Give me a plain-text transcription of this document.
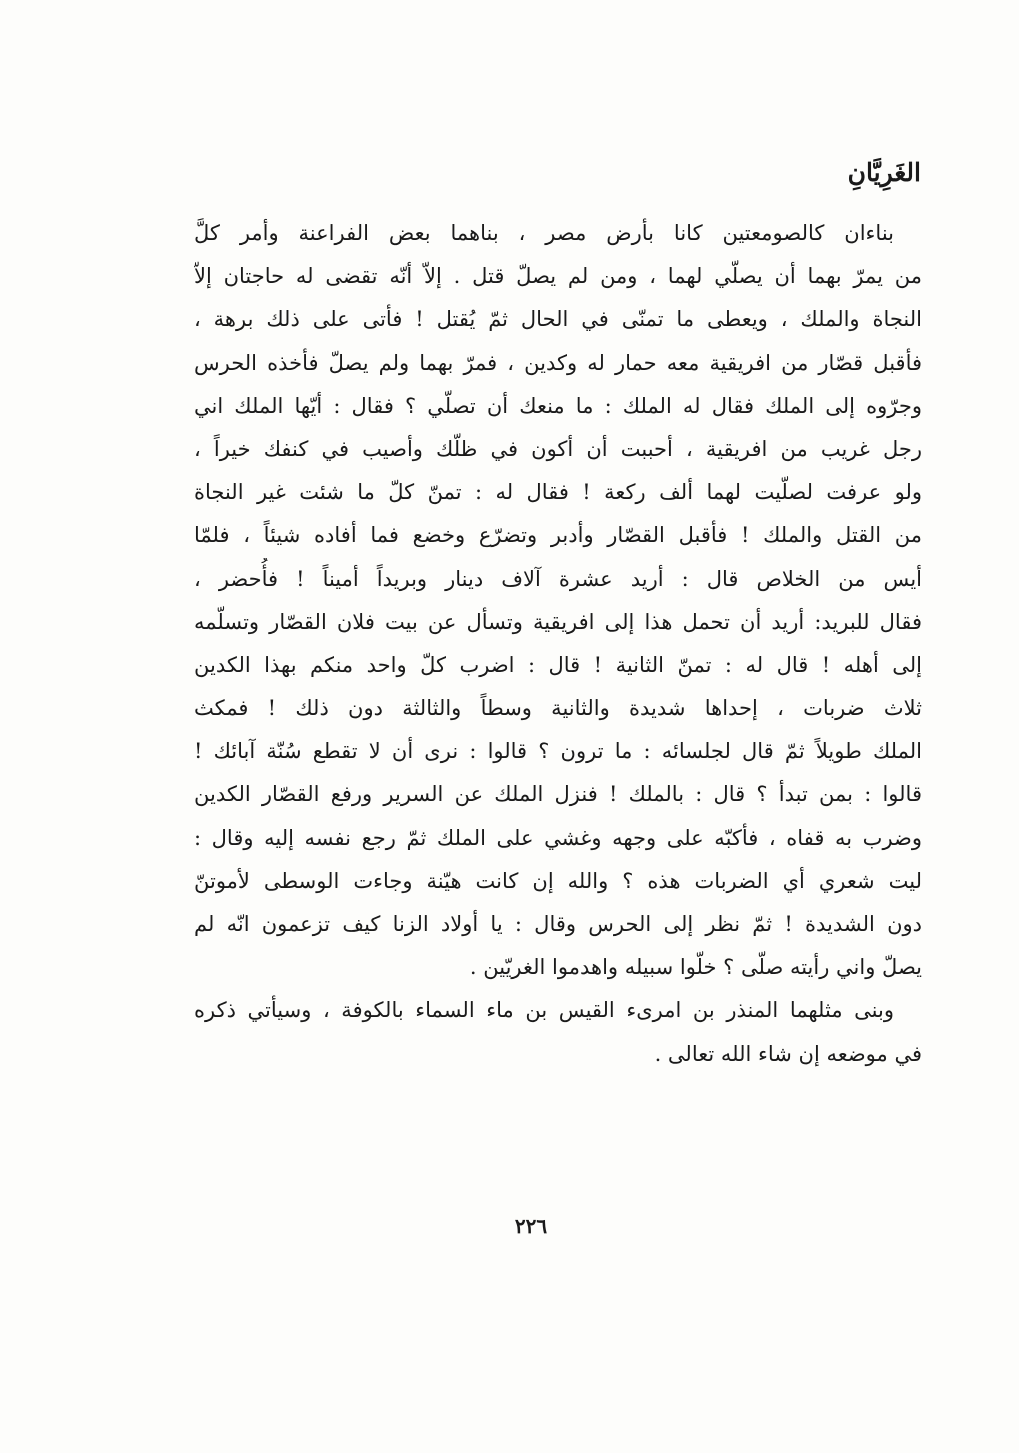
الغَرِيَّانِ
بناءان كالصومعتين كانا بأرض مصر ، بناهما بعض الفراعنة وأمر كلَّ
من يمرّ بهما أن يصلّي لهما ، ومن لم يصلّ قتل . إلاّ أنّه تقضى له حاجتان إلاّ
النجاة والملك ، ويعطى ما تمنّى في الحال ثمّ يُقتل ! فأتى على ذلك برهة ،
فأقبل قصّار من افريقية معه حمار له وكدين ، فمرّ بهما ولم يصلّ فأخذه الحرس
وجرّوه إلى الملك فقال له الملك : ما منعك أن تصلّي ؟ فقال : أيّها الملك اني
رجل غريب من افريقية ، أحببت أن أكون في ظلّك وأصيب في كنفك خيراً ،
ولو عرفت لصلّيت لهما ألف ركعة ! فقال له : تمنّ كلّ ما شئت غير النجاة
من القتل والملك ! فأقبل القصّار وأدبر وتضرّع وخضع فما أفاده شيئاً ، فلمّا
أيس من الخلاص قال : أريد عشرة آلاف دينار وبريداً أميناً ! فأُحضر ،
فقال للبريد: أريد أن تحمل هذا إلى افريقية وتسأل عن بيت فلان القصّار وتسلّمه
إلى أهله ! قال له : تمنّ الثانية ! قال : اضرب كلّ واحد منكم بهذا الكدين
ثلاث ضربات ، إحداها شديدة والثانية وسطاً والثالثة دون ذلك ! فمكث
الملك طويلاً ثمّ قال لجلسائه : ما ترون ؟ قالوا : نرى أن لا تقطع سُنّة آبائك !
قالوا : بمن تبدأ ؟ قال : بالملك ! فنزل الملك عن السرير ورفع القصّار الكدين
وضرب به قفاه ، فأكبّه على وجهه وغشي على الملك ثمّ رجع نفسه إليه وقال :
ليت شعري أي الضربات هذه ؟ والله إن كانت هيّنة وجاءت الوسطى لأموتنّ
دون الشديدة ! ثمّ نظر إلى الحرس وقال : يا أولاد الزنا كيف تزعمون انّه لم
يصلّ واني رأيته صلّى ؟ خلّوا سبيله واهدموا الغريّين .
وبنى مثلهما المنذر بن امرىء القيس بن ماء السماء بالكوفة ، وسيأتي ذكره
في موضعه إن شاء الله تعالى .
٢٢٦
